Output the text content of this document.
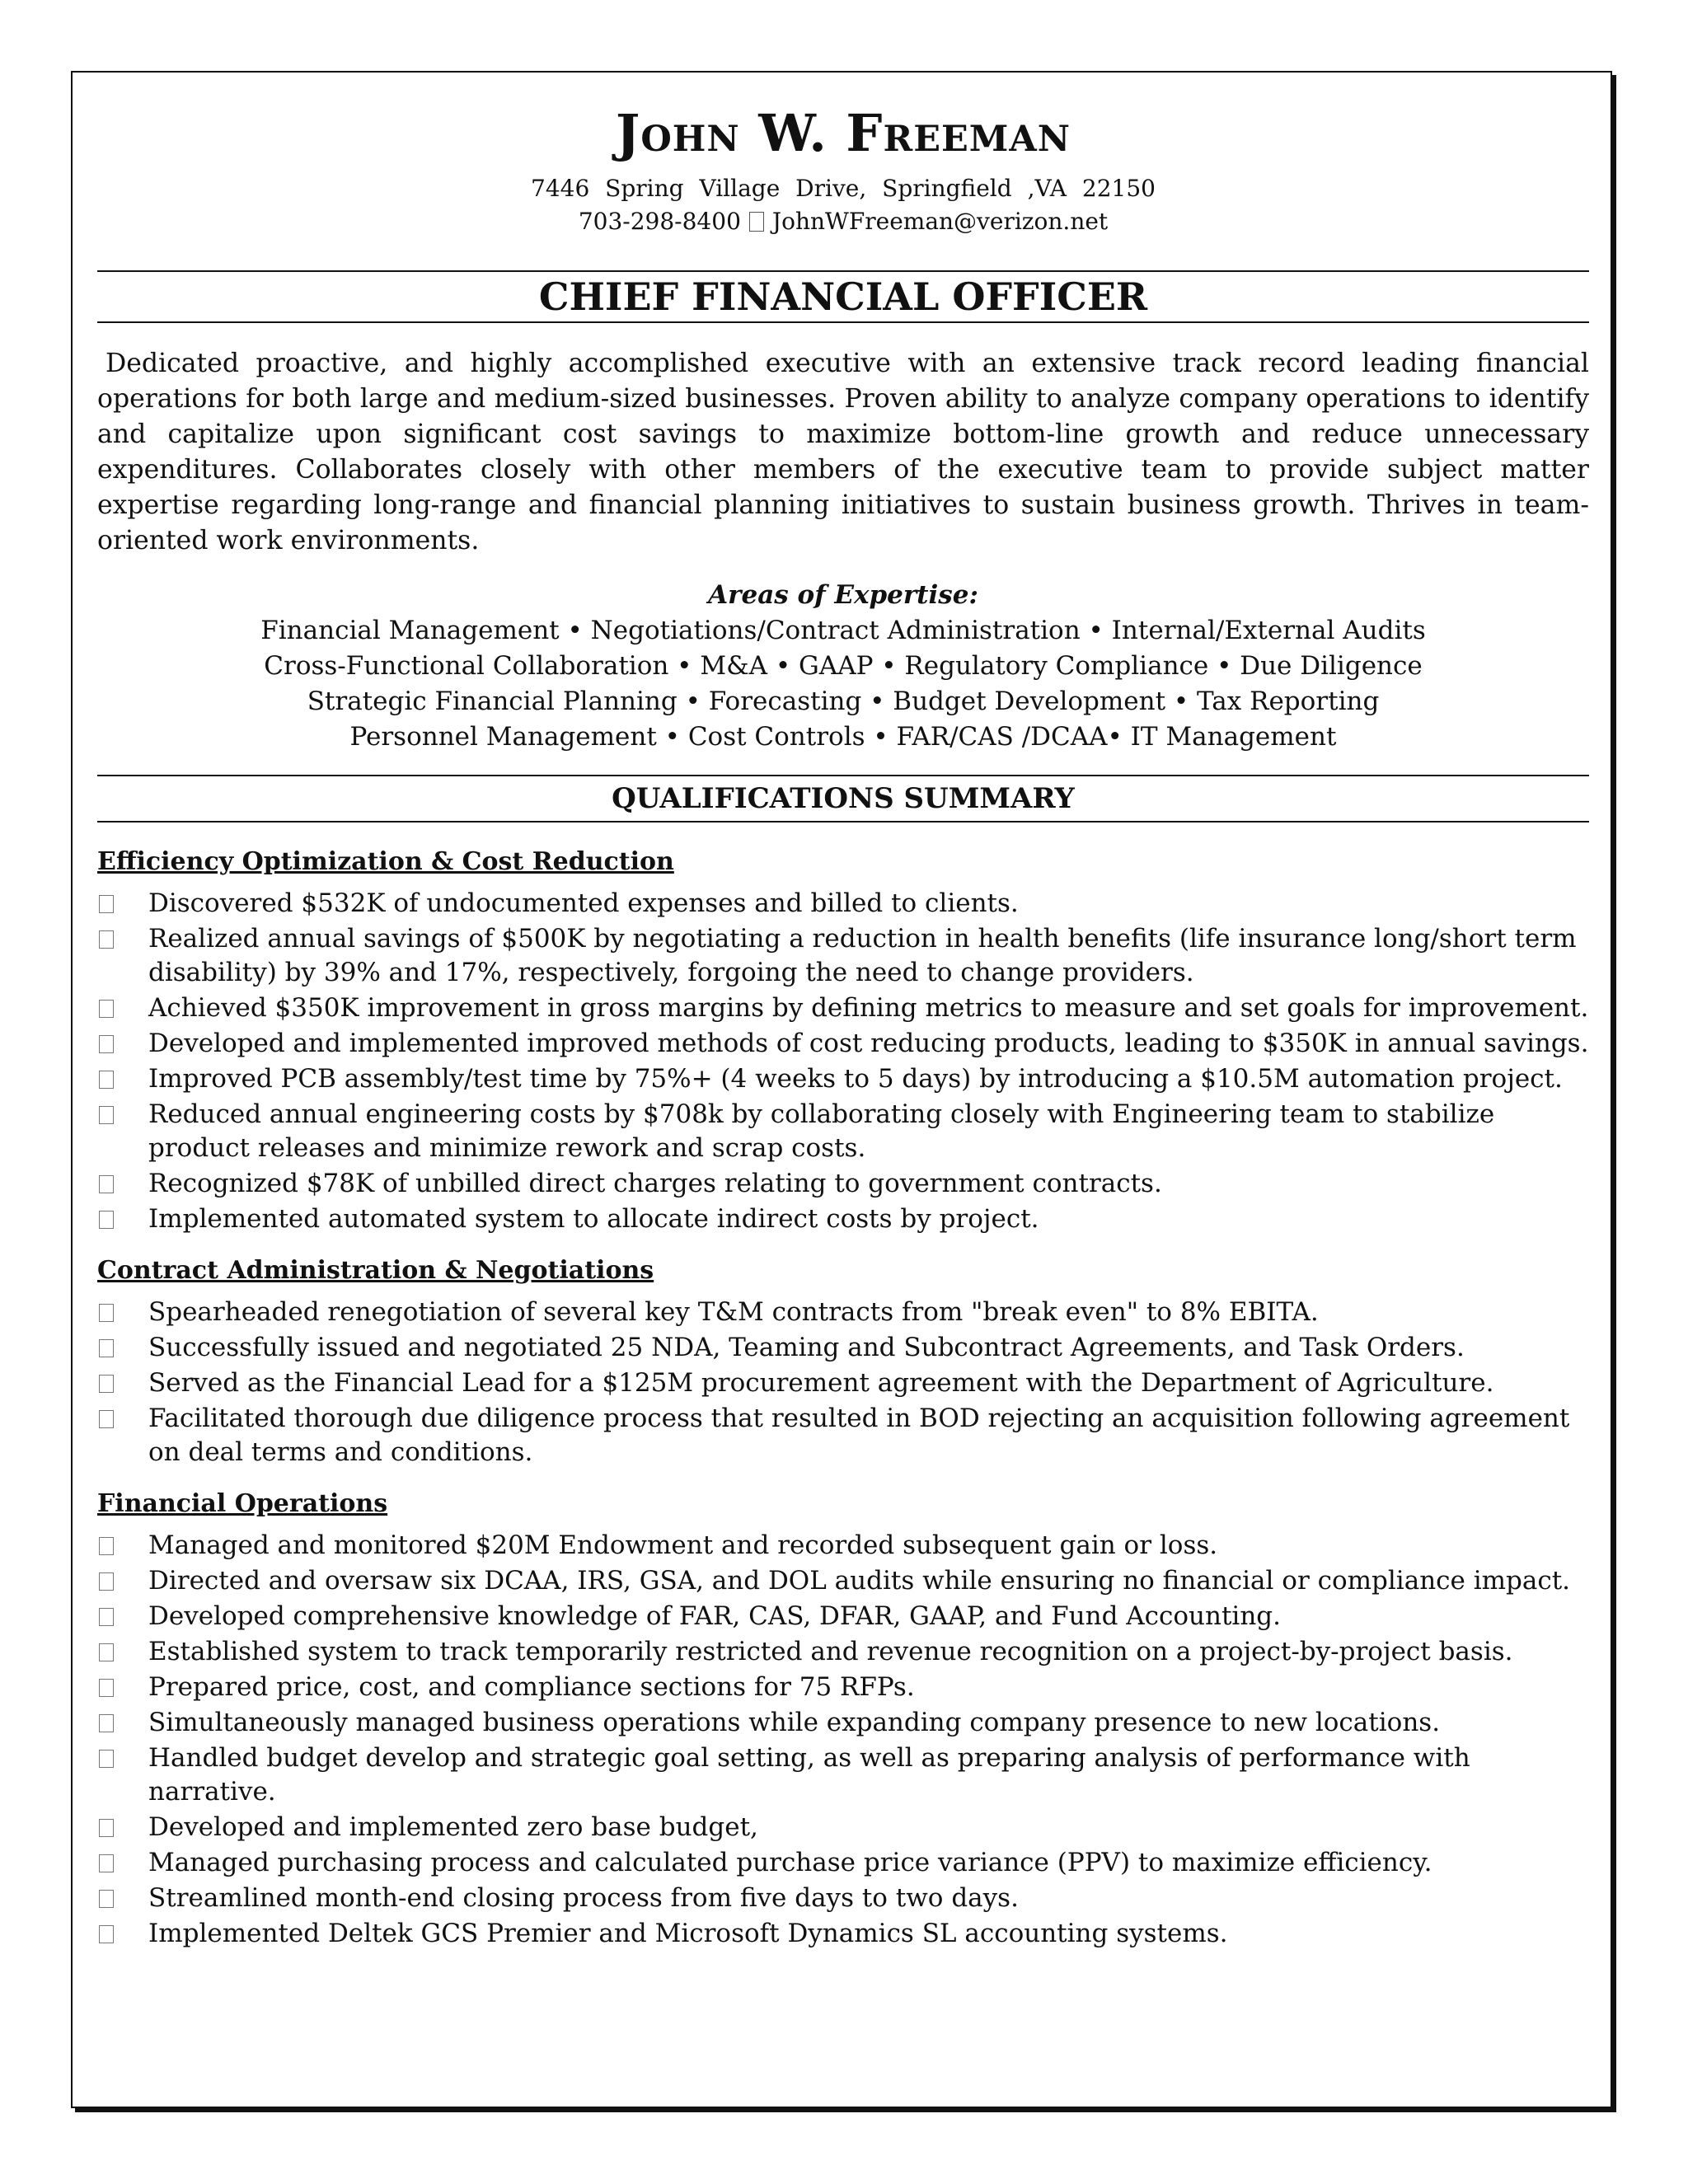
John W. Freeman
7446 Spring Village Drive, Springfield ,VA 22150
703-298-8400 JohnWFreeman@verizon.net
CHIEF FINANCIAL OFFICER
Dedicated proactive, and highly accomplished executive with an extensive track record leading financial operations for both large and medium-sized businesses. Proven ability to analyze company operations to identify and capitalize upon significant cost savings to maximize bottom-line growth and reduce unnecessary expenditures. Collaborates closely with other members of the executive team to provide subject matter expertise regarding long-range and financial planning initiatives to sustain business growth. Thrives in team-oriented work environments.
Areas of Expertise:
Financial Management • Negotiations/Contract Administration • Internal/External Audits
Cross-Functional Collaboration • M&A • GAAP • Regulatory Compliance • Due Diligence
Strategic Financial Planning • Forecasting • Budget Development • Tax Reporting
Personnel Management • Cost Controls • FAR/CAS /DCAA• IT Management
QUALIFICATIONS SUMMARY
Efficiency Optimization & Cost Reduction
Discovered $532K of undocumented expenses and billed to clients.
Realized annual savings of $500K by negotiating a reduction in health benefits (life insurance long/short term disability) by 39% and 17%, respectively, forgoing the need to change providers.
Achieved $350K improvement in gross margins by defining metrics to measure and set goals for improvement.
Developed and implemented improved methods of cost reducing products, leading to $350K in annual savings.
Improved PCB assembly/test time by 75%+ (4 weeks to 5 days) by introducing a $10.5M automation project.
Reduced annual engineering costs by $708k by collaborating closely with Engineering team to stabilize product releases and minimize rework and scrap costs.
Recognized $78K of unbilled direct charges relating to government contracts.
Implemented automated system to allocate indirect costs by project.
Contract Administration & Negotiations
Spearheaded renegotiation of several key T&M contracts from "break even" to 8% EBITA.
Successfully issued and negotiated 25 NDA, Teaming and Subcontract Agreements, and Task Orders.
Served as the Financial Lead for a $125M procurement agreement with the Department of Agriculture.
Facilitated thorough due diligence process that resulted in BOD rejecting an acquisition following agreement on deal terms and conditions.
Financial Operations
Managed and monitored $20M Endowment and recorded subsequent gain or loss.
Directed and oversaw six DCAA, IRS, GSA, and DOL audits while ensuring no financial or compliance impact.
Developed comprehensive knowledge of FAR, CAS, DFAR, GAAP, and Fund Accounting.
Established system to track temporarily restricted and revenue recognition on a project-by-project basis.
Prepared price, cost, and compliance sections for 75 RFPs.
Simultaneously managed business operations while expanding company presence to new locations.
Handled budget develop and strategic goal setting, as well as preparing analysis of performance with narrative.
Developed and implemented zero base budget,
Managed purchasing process and calculated purchase price variance (PPV) to maximize efficiency.
Streamlined month-end closing process from five days to two days.
Implemented Deltek GCS Premier and Microsoft Dynamics SL accounting systems.
